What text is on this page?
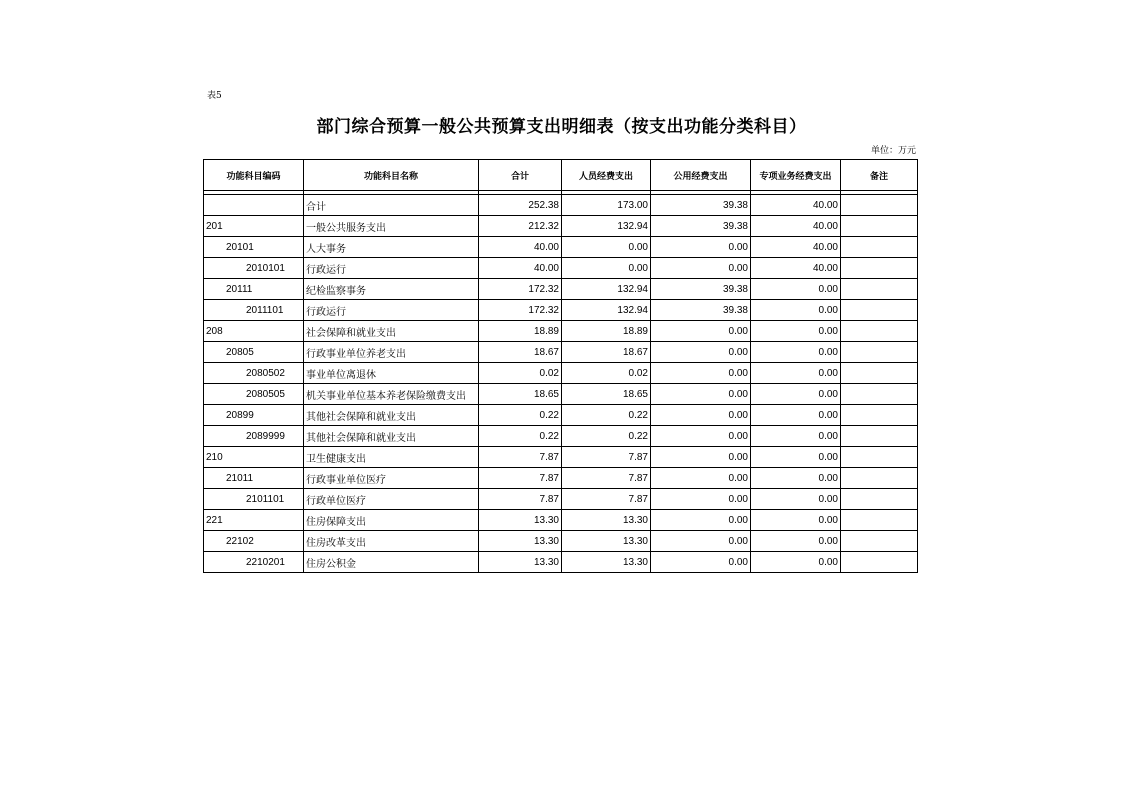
表5
部门综合预算一般公共预算支出明细表（按支出功能分类科目）
单位：万元
功能科目编码	功能科目名称	合计	人员经费支出	公用经费支出	专项业务经费支出	备注

	合计	252.38	173.00	39.38	40.00	
201	一般公共服务支出	212.32	132.94	39.38	40.00	
20101	人大事务	40.00	0.00	0.00	40.00	
2010101	行政运行	40.00	0.00	0.00	40.00	
20111	纪检监察事务	172.32	132.94	39.38	0.00	
2011101	行政运行	172.32	132.94	39.38	0.00	
208	社会保障和就业支出	18.89	18.89	0.00	0.00	
20805	行政事业单位养老支出	18.67	18.67	0.00	0.00	
2080502	事业单位离退休	0.02	0.02	0.00	0.00	
2080505	机关事业单位基本养老保险缴费支出	18.65	18.65	0.00	0.00	
20899	其他社会保障和就业支出	0.22	0.22	0.00	0.00	
2089999	其他社会保障和就业支出	0.22	0.22	0.00	0.00	
210	卫生健康支出	7.87	7.87	0.00	0.00	
21011	行政事业单位医疗	7.87	7.87	0.00	0.00	
2101101	行政单位医疗	7.87	7.87	0.00	0.00	
221	住房保障支出	13.30	13.30	0.00	0.00	
22102	住房改革支出	13.30	13.30	0.00	0.00	
2210201	住房公积金	13.30	13.30	0.00	0.00	
